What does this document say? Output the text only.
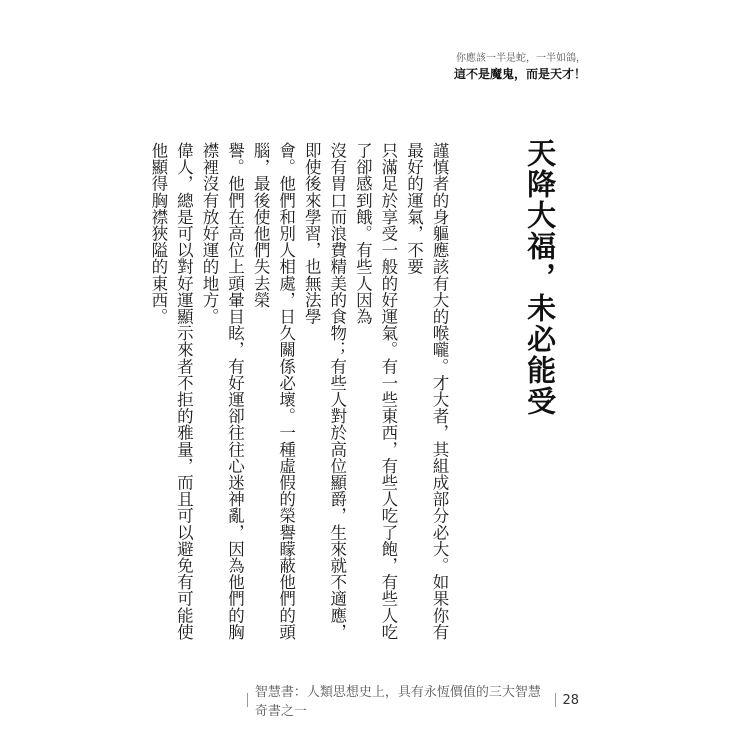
你應該一半是蛇，一半如鴿，
這不是魔鬼，而是天才！
天降大福，未必能受
謹慎者的身軀應該有大的喉嚨。才大者，其組成部分必大。如果你有最好的運氣，不要
只滿足於享受一般的好運氣。有一些東西，有些人吃了飽，有些人吃了卻感到餓。有些人因為
沒有胃口而浪費精美的食物；有些人對於高位顯爵，生來就不適應，即使後來學習，也無法學
會。他們和別人相處，日久關係必壞。一種虛假的榮譽矇蔽他們的頭腦，最後使他們失去榮
譽。他們在高位上頭暈目眩，有好運卻往往心迷神亂，因為他們的胸襟裡沒有放好運的地方。
偉人，總是可以對好運顯示來者不拒的雅量，而且可以避免有可能使他顯得胸襟狹隘的東西。
智慧書：人類思想史上，具有永恆價值的三大智慧奇書之一
28
